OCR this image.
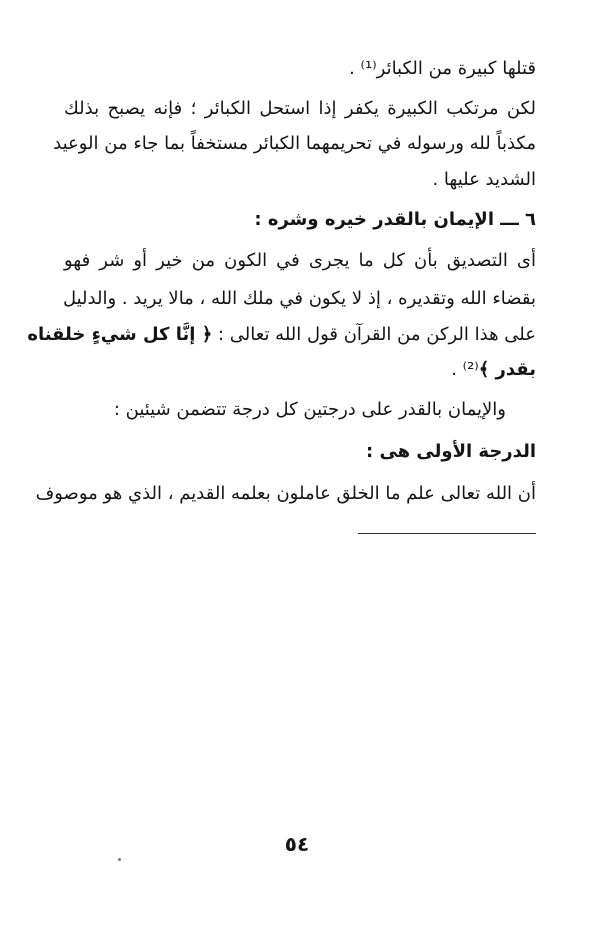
قتلها كبيرة من الكبائر⁽¹⁾ .
لكن مرتكب الكبيرة يكفر إذا استحل الكبائر ؛ فإنه يصبح بذلك
مكذباً لله ورسوله في تحريمهما الكبائر مستخفاً بما جاء من الوعيد
الشديد عليها .
٦ ـــ الإيمان بالقدر خيره وشره :
أى التصديق بأن كل ما يجرى في الكون من خير أو شر فهو
بقضاء الله وتقديره ، إذ لا يكون في ملك الله ، مالا يريد . والدليل
على هذا الركن من القرآن قول الله تعالى : ﴿ إنَّا كل شيءٍ خلقناه
بقدر ﴾⁽²⁾ .
والإيمان بالقدر على درجتين كل درجة تتضمن شيئين :
الدرجة الأولى هى :
أن الله تعالى علم ما الخلق عاملون بعلمه القديم ، الذي هو موصوف
٥٤
